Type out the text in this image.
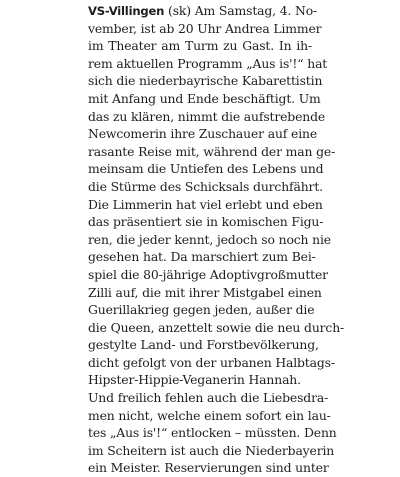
VS-Villingen (sk) Am Samstag, 4. No-
vember, ist ab 20 Uhr Andrea Limmer
im Theater am Turm zu Gast. In ih-
rem aktuellen Programm „Aus is'!“ hat
sich die niederbayrische Kabarettistin
mit Anfang und Ende beschäftigt. Um
das zu klären, nimmt die aufstrebende
Newcomerin ihre Zuschauer auf eine
rasante Reise mit, während der man ge-
meinsam die Untiefen des Lebens und
die Stürme des Schicksals durchfährt.
Die Limmerin hat viel erlebt und eben
das präsentiert sie in komischen Figu-
ren, die jeder kennt, jedoch so noch nie
gesehen hat. Da marschiert zum Bei-
spiel die 80-jährige Adoptivgroßmutter
Zilli auf, die mit ihrer Mistgabel einen
Guerillakrieg gegen jeden, außer die
die Queen, anzettelt sowie die neu durch-
gestylte Land- und Forstbevölkerung,
dicht gefolgt von der urbanen Halbtags-
Hipster-Hippie-Veganerin Hannah.
Und freilich fehlen auch die Liebesdra-
men nicht, welche einem sofort ein lau-
tes „Aus is'!“ entlocken – müssten. Denn
im Scheitern ist auch die Niederbayerin
ein Meister. Reservierungen sind unter
